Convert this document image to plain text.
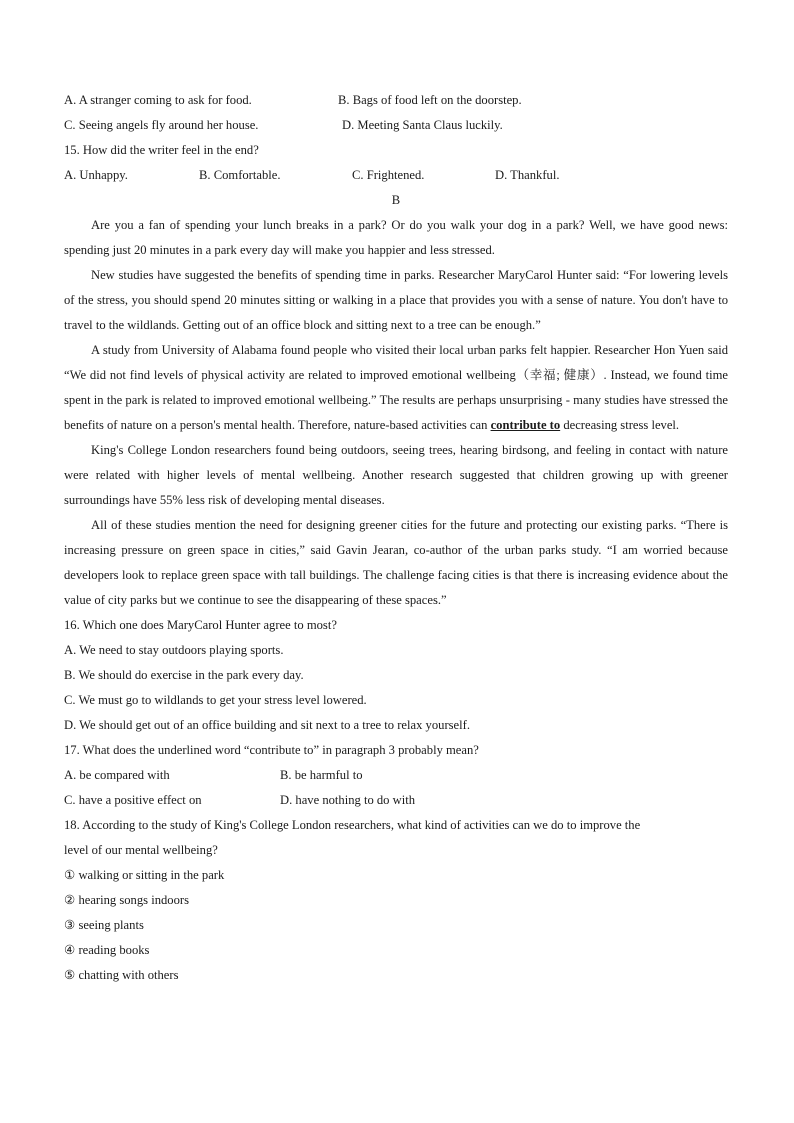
A. A stranger coming to ask for food.	B. Bags of food left on the doorstep.
C. Seeing angels fly around her house.	D. Meeting Santa Claus luckily.
15. How did the writer feel in the end?
A. Unhappy.	B. Comfortable.	C. Frightened.	D. Thankful.
B

Are you a fan of spending your lunch breaks in a park? Or do you walk your dog in a park? Well, we have good news: spending just 20 minutes in a park every day will make you happier and less stressed.

New studies have suggested the benefits of spending time in parks. Researcher MaryCarol Hunter said: “For lowering levels of the stress, you should spend 20 minutes sitting or walking in a place that provides you with a sense of nature. You don't have to travel to the wildlands. Getting out of an office block and sitting next to a tree can be enough.”

A study from University of Alabama found people who visited their local urban parks felt happier. Researcher Hon Yuen said “We did not find levels of physical activity are related to improved emotional wellbeing（幸福; 健康）. Instead, we found time spent in the park is related to improved emotional wellbeing.” The results are perhaps unsurprising - many studies have stressed the benefits of nature on a person's mental health. Therefore, nature-based activities can contribute to decreasing stress level.

King's College London researchers found being outdoors, seeing trees, hearing birdsong, and feeling in contact with nature were related with higher levels of mental wellbeing. Another research suggested that children growing up with greener surroundings have 55% less risk of developing mental diseases.

All of these studies mention the need for designing greener cities for the future and protecting our existing parks. “There is increasing pressure on green space in cities,” said Gavin Jearan, co-author of the urban parks study. “I am worried because developers look to replace green space with tall buildings. The challenge facing cities is that there is increasing evidence about the value of city parks but we continue to see the disappearing of these spaces.”

16. Which one does MaryCarol Hunter agree to most?
A. We need to stay outdoors playing sports.
B. We should do exercise in the park every day.
C. We must go to wildlands to get your stress level lowered.
D. We should get out of an office building and sit next to a tree to relax yourself.
17. What does the underlined word “contribute to” in paragraph 3 probably mean?
A. be compared with	B. be harmful to
C. have a positive effect on	D. have nothing to do with
18. According to the study of King's College London researchers, what kind of activities can we do to improve the
level of our mental wellbeing?
① walking or sitting in the park
② hearing songs indoors
③ seeing plants
④ reading books
⑤ chatting with others
